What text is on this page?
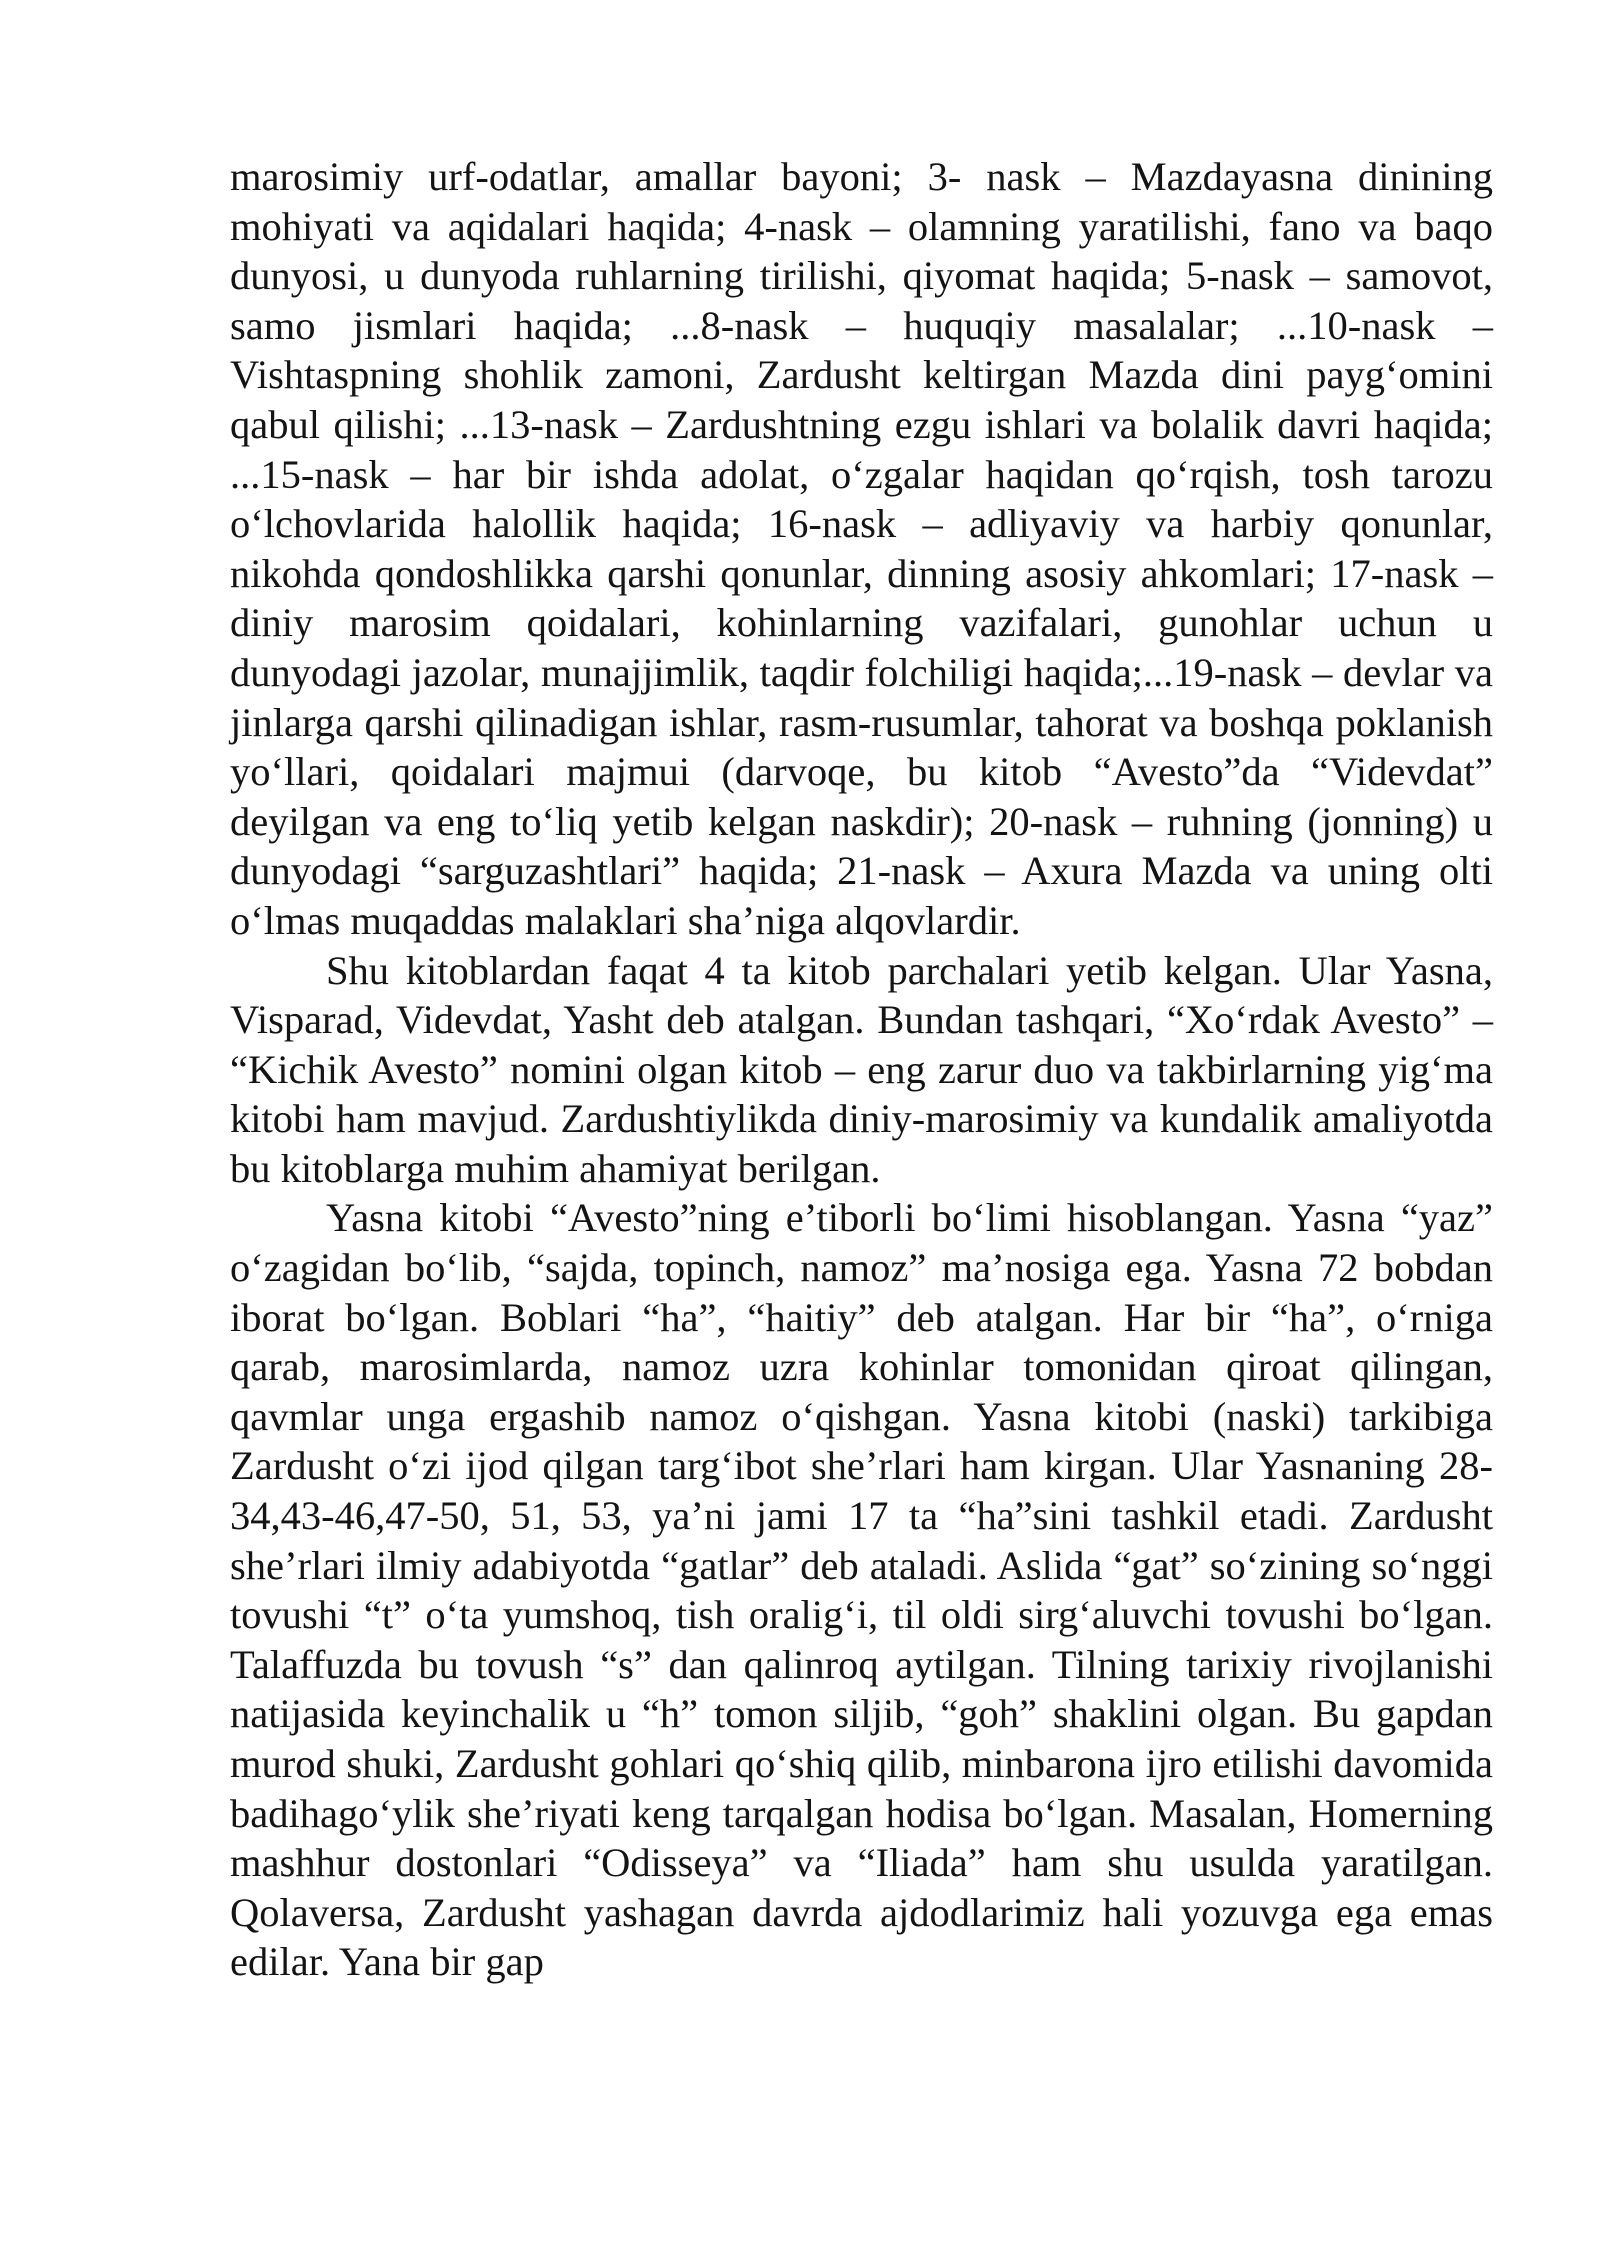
marosimiy urf-odatlar, amallar bayoni; 3- nask – Mazdayasna dinining mohiyati va aqidalari haqida; 4-nask – olamning yaratilishi, fano va baqo dunyosi, u dunyoda ruhlarning tirilishi, qiyomat haqida; 5-nask – samovot, samo jismlari haqida; ...8-nask – huquqiy masalalar; ...10-nask – Vishtaspning shohlik zamoni, Zardusht keltirgan Mazda dini payg‘omini qabul qilishi; ...13-nask – Zardushtning ezgu ishlari va bolalik davri haqida; ...15-nask – har bir ishda adolat, o‘zgalar haqidan qo‘rqish, tosh tarozu o‘lchovlarida halollik haqida; 16-nask – adliyaviy va harbiy qonunlar, nikohda qondoshlikka qarshi qonunlar, dinning asosiy ahkomlari; 17-nask – diniy marosim qoidalari, kohinlarning vazifalari, gunohlar uchun u dunyodagi jazolar, munajjimlik, taqdir folchiligi haqida;...19-nask – devlar va jinlarga qarshi qilinadigan ishlar, rasm-rusumlar, tahorat va boshqa poklanish yo‘llari, qoidalari majmui (darvoqe, bu kitob “Avesto”da “Videvdat” deyilgan va eng to‘liq yetib kelgan naskdir); 20-nask – ruhning (jonning) u dunyodagi “sarguzashtlari” haqida; 21-nask – Axura Mazda va uning olti o‘lmas muqaddas malaklari sha’niga alqovlardir.

Shu kitoblardan faqat 4 ta kitob parchalari yetib kelgan. Ular Yasna, Visparad, Videvdat, Yasht deb atalgan. Bundan tashqari, “Xo‘rdak Avesto” – “Kichik Avesto” nomini olgan kitob – eng zarur duo va takbirlarning yig‘ma kitobi ham mavjud. Zardushtiylikda diniy-marosimiy va kundalik amaliyotda bu kitoblarga muhim ahamiyat berilgan.

Yasna kitobi “Avesto”ning e’tiborli bo‘limi hisoblangan. Yasna “yaz” o‘zagidan bo‘lib, “sajda, topinch, namoz” ma’nosiga ega. Yasna 72 bobdan iborat bo‘lgan. Boblari “ha”, “haitiy” deb atalgan. Har bir “ha”, o‘rniga qarab, marosimlarda, namoz uzra kohinlar tomonidan qiroat qilingan, qavmlar unga ergashib namoz o‘qishgan. Yasna kitobi (naski) tarkibiga Zardusht o‘zi ijod qilgan targ‘ibot she’rlari ham kirgan. Ular Yasnaning 28-34,43-46,47-50, 51, 53, ya’ni jami 17 ta “ha”sini tashkil etadi. Zardusht she’rlari ilmiy adabiyotda “gatlar” deb ataladi. Aslida “gat” so‘zining so‘nggi tovushi “t” o‘ta yumshoq, tish oralig‘i, til oldi sirg‘aluvchi tovushi bo‘lgan. Talaffuzda bu tovush “s” dan qalinroq aytilgan. Tilning tarixiy rivojlanishi natijasida keyinchalik u “h” tomon siljib, “goh” shaklini olgan. Bu gapdan murod shuki, Zardusht gohlari qo‘shiq qilib, minbarona ijro etilishi davomida badihago‘ylik she’riyati keng tarqalgan hodisa bo‘lgan. Masalan, Homerning mashhur dostonlari “Odisseya” va “Iliada” ham shu usulda yaratilgan. Qolaversa, Zardusht yashagan davrda ajdodlarimiz hali yozuvga ega emas edilar. Yana bir gap
